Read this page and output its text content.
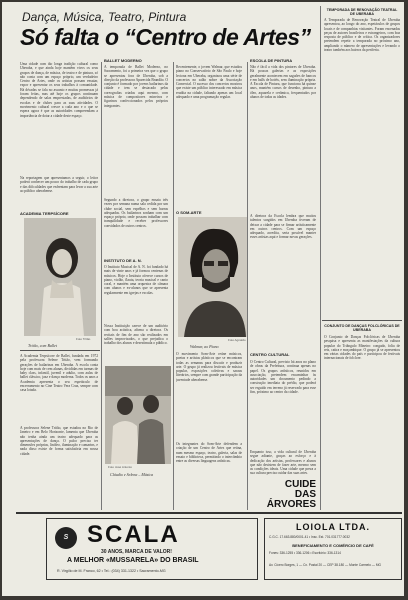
Dança, Música, Teatro, Pintura
Só falta o “Centro de Artes”
Uma cidade com tão longa tradição cultural como Uberaba, e que ainda hoje mantém vivos os seus grupos de dança, de música, de teatro e de pintura, só não conta com um espaço próprio, um verdadeiro Centro de Artes, onde os artistas possam ensaiar, expor e apresentar os seus trabalhos à comunidade. Há décadas se fala no assunto e muitas promessas já foram feitas, mas até hoje os grupos continuam dependendo de salas emprestadas, de auditórios de escolas e de clubes para as suas atividades. O movimento cultural cresce a cada ano e o que se espera agora é que as autoridades compreendam a importância de dotar a cidade deste espaço.
Na reportagem que apresentamos a seguir, o leitor poderá conhecer um pouco do trabalho de cada grupo e das dificuldades que enfrentam para levar a sua arte ao público uberabense.
ACADEMIA TERPSÍCORE
Foto Tritão
Tritão, com Ballet
A Academia Terpsícore de Ballet, fundada em 1972 pela professora Selene Tritão, vem formando gerações de bailarinas em Uberaba. A escola conta hoje com mais de cem alunas, divididas em turmas de baby class, infantil, juvenil e adulto, com aulas de ballet clássico, jazz e dança moderna. Todos os anos a Academia apresenta o seu espetáculo de encerramento no Cine Teatro Vera Cruz, sempre com casa lotada.
A professora Selene Tritão, que estudou no Rio de Janeiro e em Belo Horizonte, lamenta que Uberaba não tenha ainda um teatro adequado para as apresentações de dança. O palco precisa ter dimensões próprias, linóleo, iluminação e camarins, e nada disso existe de forma satisfatória em nossa cidade.
BALLET MODERNO
A temporada de Ballet Moderno, no Sacramento, foi a primeira vez que o grupo se apresentou fora de Uberaba, sob a direção da professora Aparecida Brandão. O conjunto é formado por jovens bailarinos da cidade e tem se destacado pelas coreografias criadas aqui mesmo, com música de compositores mineiros e figurinos confeccionados pelos próprios integrantes.
Segundo a diretora, o grupo ensaia três vezes por semana numa sala cedida por um clube social, sem espelhos e sem barras adequadas. Os bailarinos sonham com um espaço próprio, onde possam trabalhar com tranquilidade e receber professores convidados de outros centros.
INSTITUTO DE A. N.
O Instituto Musical de A. N. foi fundado há mais de vinte anos e já formou centenas de músicos. Hoje o Instituto oferece cursos de piano, violão, flauta, teoria musical e canto coral, e mantém uma orquestra de câmara com alunos e ex-alunos que se apresenta regularmente em igrejas e escolas.
Nossa Instituição carece de um auditório com boa acústica, afirma a diretora. Os recitais de fim de ano são realizados em salões improvisados, o que prejudica o trabalho dos alunos e desestimula o público.
Foto José Antonio
Cláudio e Selena – Música
Recentemente, o jovem Walmar, que estudou piano no Conservatório de São Paulo e hoje leciona em Uberaba, organizou uma série de concertos no salão nobre da Associação Comercial. O sucesso dos concertos mostrou que existe um público interessado em música erudita na cidade, faltando apenas um local adequado e uma programação regular.
O SOM-ARTE
Foto Agnaldo
Walmar, ao Piano
O movimento Som-Arte reúne músicos, poetas e artistas plásticos que se encontram todas as semanas para discutir e produzir arte. O grupo já realizou festivais de música popular, exposições coletivas e saraus literários, sempre com grande participação da juventude uberabense.
Os integrantes do Som-Arte defendem a criação de um Centro de Artes que reúna, num mesmo espaço, teatro, galeria, salas de ensaio e biblioteca, permitindo o intercâmbio entre as diversas linguagens artísticas.
ESCOLA DE PINTURA
Não é fácil a vida dos pintores de Uberaba. Há poucas galerias e as exposições geralmente acontecem em saguões de bancos e em halls de hotéis, sem iluminação própria. A Escola de Pintura, que funciona há quinze anos, mantém cursos de desenho, pintura a óleo, aquarela e cerâmica, frequentados por alunos de todas as idades.
A diretora da Escola lembra que muitos talentos surgidos em Uberaba tiveram de deixar a cidade para se firmar artisticamente em outros centros. Com um espaço adequado, acredita, seria possível manter esses artistas aqui e formar novas gerações.
CENTRO CULTURAL
O Centro Cultural, previsto há anos no plano de obras da Prefeitura, continua apenas no papel. Os grupos artísticos, reunidos em associação, pretendem encaminhar às autoridades um documento pedindo a construção imediata do prédio, que poderá ser erguido em terreno já reservado para esse fim, próximo ao centro da cidade.
Enquanto isso, a vida cultural de Uberaba segue adiante, graças ao esforço e à dedicação dos artistas, professores e alunos que não desistem de fazer arte, mesmo sem as condições ideais. Uma cidade que preza a sua cultura precisa cuidar das suas artes.
CUIDE DAS
ÁRVORES
TEMPORADA DE RENOVAÇÃO TEATRAL DE UBERABA
A Temporada de Renovação Teatral de Uberaba apresentou, ao longo do ano, espetáculos de grupos locais e de companhias visitantes. Foram encenadas peças de autores brasileiros e estrangeiros, com boa resposta de público e de crítica. Os organizadores pretendem repetir a temporada no próximo ano, ampliando o número de apresentações e levando o teatro também aos bairros da periferia.
CONJUNTO DE DANÇAS FOLCLÓRICAS DE UBERABA
O Conjunto de Danças Folclóricas de Uberaba pesquisa e apresenta as manifestações da cultura popular do Triângulo Mineiro: congado, folia de reis, catira e moçambique. O grupo já se apresentou em várias cidades do país e participou de festivais internacionais de folclore.
S SCALA
30 ANOS, MARCA DE VALOR!
A MELHOR «MUSSARELA» DO BRASIL
R. Virgílio de M. Franco, 62 • Tel.: (034) 331-1322 • Sacramento-MG
LOIOLA LTDA.
C.G.C. 17.663.880/0001-41 • Insc. Est. 701.031777.0032
BENEFICIAMENTO E COMÉRCIO DE CAFÉ
Fones: 336-1255 • 336-1206 • Escritório: 336-1314
Av. Cícero Borges, 1 — Cx. Postal 20 — CEP 38.180 — Monte Carmelo — MG
